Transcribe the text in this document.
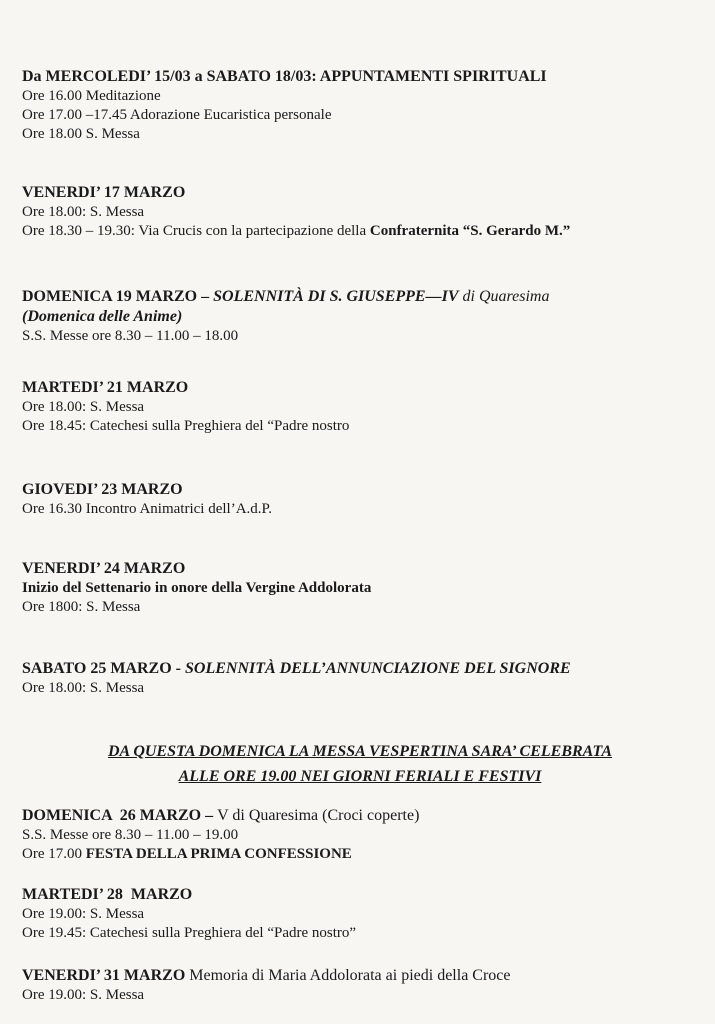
Da MERCOLEDI’ 15/03 a SABATO 18/03: APPUNTAMENTI SPIRITUALI
Ore 16.00 Meditazione
Ore 17.00 –17.45 Adorazione Eucaristica personale
Ore 18.00 S. Messa
VENERDI’ 17 MARZO
Ore 18.00: S. Messa
Ore 18.30 – 19.30: Via Crucis con la partecipazione della Confraternita “S. Gerardo M.”
DOMENICA 19 MARZO – SOLENNITÀ DI S. GIUSEPPE—IV di Quaresima
(Domenica delle Anime)
S.S. Messe ore 8.30 – 11.00 – 18.00
MARTEDI’ 21 MARZO
Ore 18.00: S. Messa
Ore 18.45: Catechesi sulla Preghiera del “Padre nostro
GIOVEDI’ 23 MARZO
Ore 16.30 Incontro Animatrici dell’A.d.P.
VENERDI’ 24 MARZO
Inizio del Settenario in onore della Vergine Addolorata
Ore 1800: S. Messa
SABATO 25 MARZO - SOLENNITÀ DELL’ANNUNCIAZIONE DEL SIGNORE
Ore 18.00: S. Messa
DA QUESTA DOMENICA LA MESSA VESPERTINA SARA’ CELEBRATA
ALLE ORE 19.00 NEI GIORNI FERIALI E FESTIVI
DOMENICA  26 MARZO – V di Quaresima (Croci coperte)
S.S. Messe ore 8.30 – 11.00 – 19.00
Ore 17.00 FESTA DELLA PRIMA CONFESSIONE
MARTEDI’ 28  MARZO
Ore 19.00: S. Messa
Ore 19.45: Catechesi sulla Preghiera del “Padre nostro”
VENERDI’ 31 MARZO Memoria di Maria Addolorata ai piedi della Croce
Ore 19.00: S. Messa
